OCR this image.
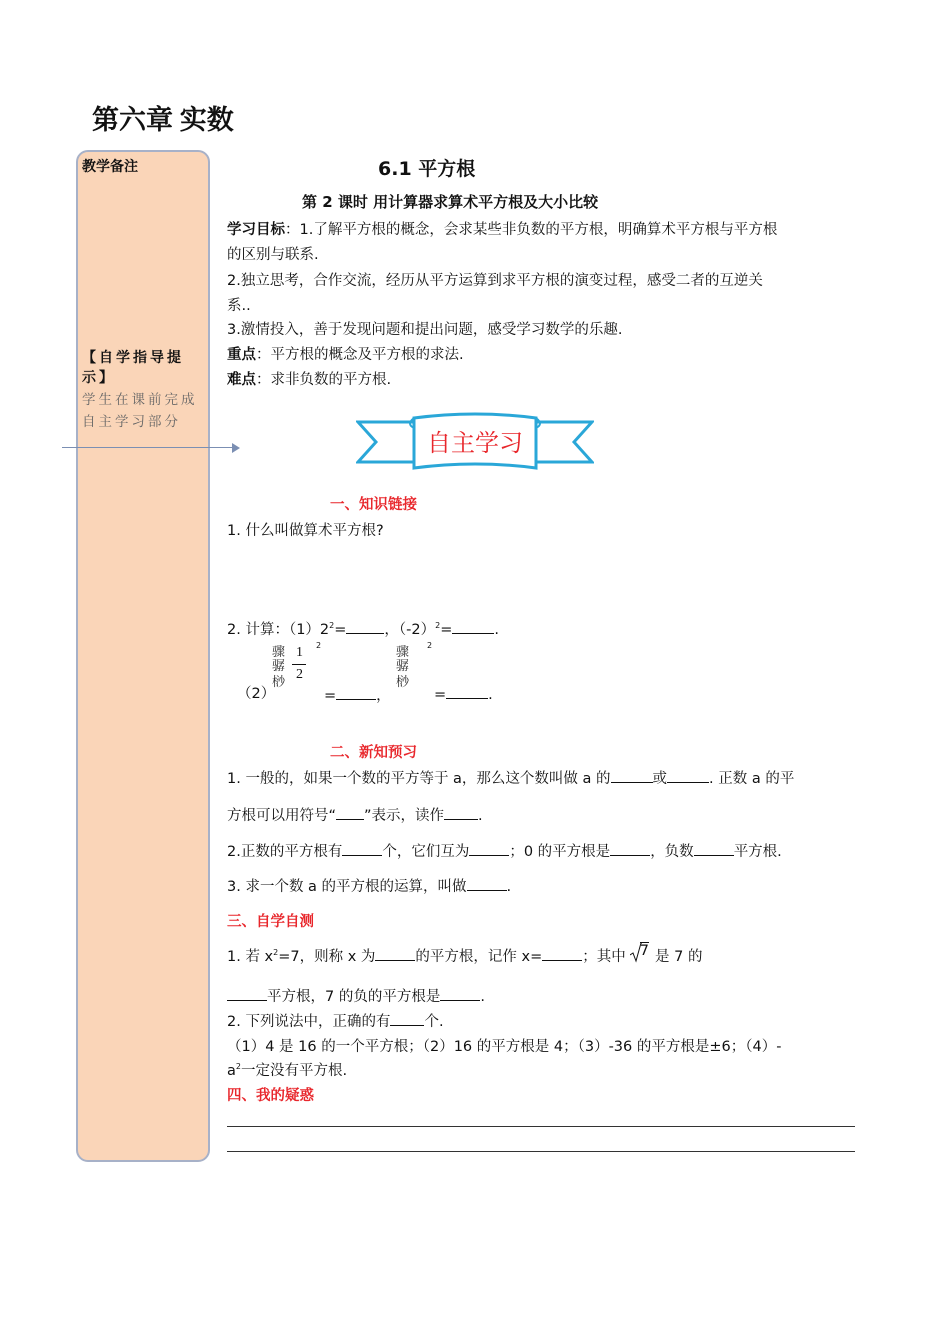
第六章 实数
教学备注
【自学指导提示】
学生在课前完成自主学习部分
6.1 平方根
第 2 课时 用计算器求算术平方根及大小比较
学习目标：1.了解平方根的概念，会求某些非负数的平方根，明确算术平方根与平方根
的区别与联系.
2.独立思考，合作交流，经历从平方运算到求平方根的演变过程，感受二者的互逆关
系..
3.激情投入，善于发现问题和提出问题，感受学习数学的乐趣.
重点：平方根的概念及平方根的求法.
难点：求非负数的平方根.
自主学习
一、知识链接
1. 什么叫做算术平方根?
2. 计算：$(1)2^2=$	，$(-2)^2=$	.
（2）
骤
骣
桫
1
2
2
=	，
骤
骣
桫
2
=	.
二、新知预习
1. 一般的，如果一个数的平方等于 a，那么这个数叫做 a 的	或	. 正数 a 的平
方根可以用符号“ ”表示，读作 .
2.正数的平方根有	个，它们互为	；0 的平方根是	，负数	平方根.
3. 求一个数 a 的平方根的运算，叫做	.
三、自学自测
1. 若 $x^2=7$，则称 x 为	的平方根，记作 x=	；其中 7 是 7 的
平方根，7 的负的平方根是	.
2. 下列说法中，正确的有 个.
（1）4 是 16 的一个平方根；（2）16 的平方根是 4；（3）-36 的平方根是±6；（4）-
$a^2$一定没有平方根.
四、我的疑惑
